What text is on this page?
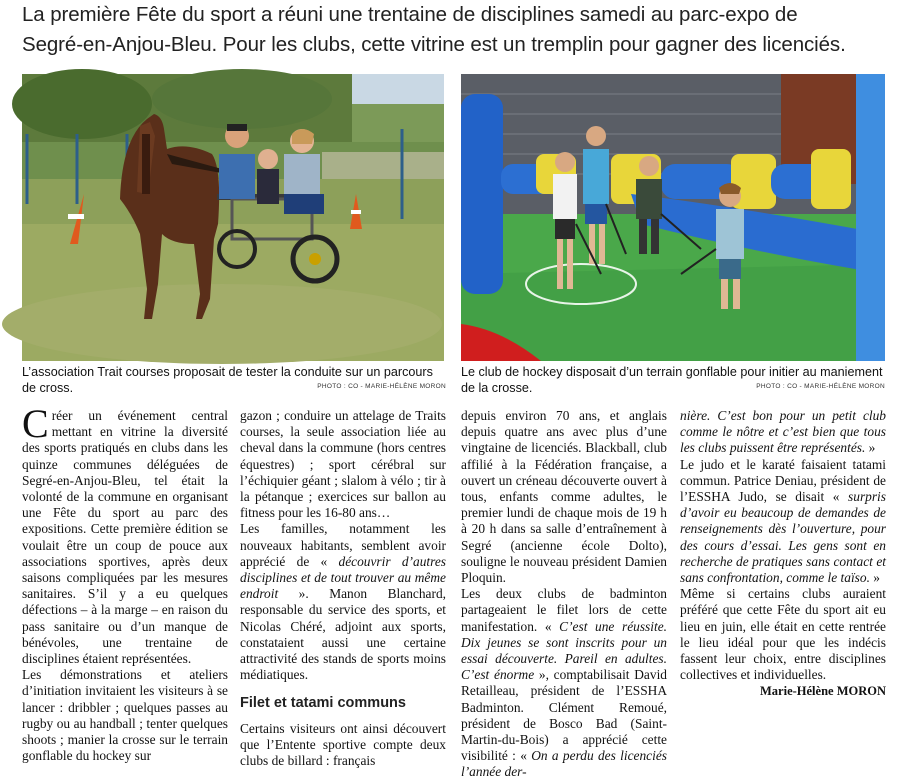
La première Fête du sport a réuni une trentaine de disciplines samedi au parc-expo de

Segré-en-Anjou-Bleu. Pour les clubs, cette vitrine est un tremplin pour gagner des licenciés.

L’association Trait courses proposait de tester la conduite sur un parcours de cross.	PHOTO : CO - MARIE-HÉLÈNE MORON
Le club de hockey disposait d’un terrain gonflable pour initier au maniement de la crosse.	PHOTO : CO - MARIE-HÉLÈNE MORON

Créer un événement central mettant en vitrine la diversité des sports pratiqués en clubs dans les quinze communes déléguées de Segré-en-Anjou-Bleu, tel était la volonté de la commune en organisant une Fête du sport au parc des expositions. Cette première édition se voulait être un coup de pouce aux associations sportives, après deux saisons compliquées par les mesures sanitaires. S’il y a eu quelques défections – à la marge – en raison du pass sanitaire ou d’un manque de bénévoles, une trentaine de disciplines étaient représentées.

Les démonstrations et ateliers d’initiation invitaient les visiteurs à se lancer : dribbler ; quelques passes au rugby ou au handball ; tenter quelques shoots ; manier la crosse sur le terrain gonflable du hockey sur

gazon ; conduire un attelage de Traits courses, la seule association liée au cheval dans la commune (hors centres équestres) ; sport cérébral sur l’échiquier géant ; slalom à vélo ; tir à la pétanque ; exercices sur ballon au fitness pour les 16-80 ans…

Les familles, notamment les nouveaux habitants, semblent avoir apprécié de « découvrir d’autres disciplines et de tout trouver au même endroit ». Manon Blanchard, responsable du service des sports, et Nicolas Chéré, adjoint aux sports, constataient aussi une certaine attractivité des stands de sports moins médiatiques.

Filet et tatami communs

Certains visiteurs ont ainsi découvert que l’Entente sportive compte deux clubs de billard : français

depuis environ 70 ans, et anglais depuis quatre ans avec plus d’une vingtaine de licenciés. Blackball, club affilié à la Fédération française, a ouvert un créneau découverte ouvert à tous, enfants comme adultes, le premier lundi de chaque mois de 19 h à 20 h dans sa salle d’entraînement à Segré (ancienne école Dolto), souligne le nouveau président Damien Ploquin.

Les deux clubs de badminton partageaient le filet lors de cette manifestation. « C’est une réussite. Dix jeunes se sont inscrits pour un essai découverte. Pareil en adultes. C’est énorme », comptabilisait David Retailleau, président de l’ESSHA Badminton. Clément Remoué, président de Bosco Bad (Saint-Martin-du-Bois) a apprécié cette visibilité : « On a perdu des licenciés l’année der-

nière. C’est bon pour un petit club comme le nôtre et c’est bien que tous les clubs puissent être représentés. »

Le judo et le karaté faisaient tatami commun. Patrice Deniau, président de l’ESSHA Judo, se disait « surpris d’avoir eu beaucoup de demandes de renseignements dès l’ouverture, pour des cours d’essai. Les gens sont en recherche de pratiques sans contact et sans confrontation, comme le taïso. »

Même si certains clubs auraient préféré que cette Fête du sport ait eu lieu en juin, elle était en cette rentrée le lieu idéal pour que les indécis fassent leur choix, entre disciplines collectives et individuelles.

Marie-Hélène MORON
